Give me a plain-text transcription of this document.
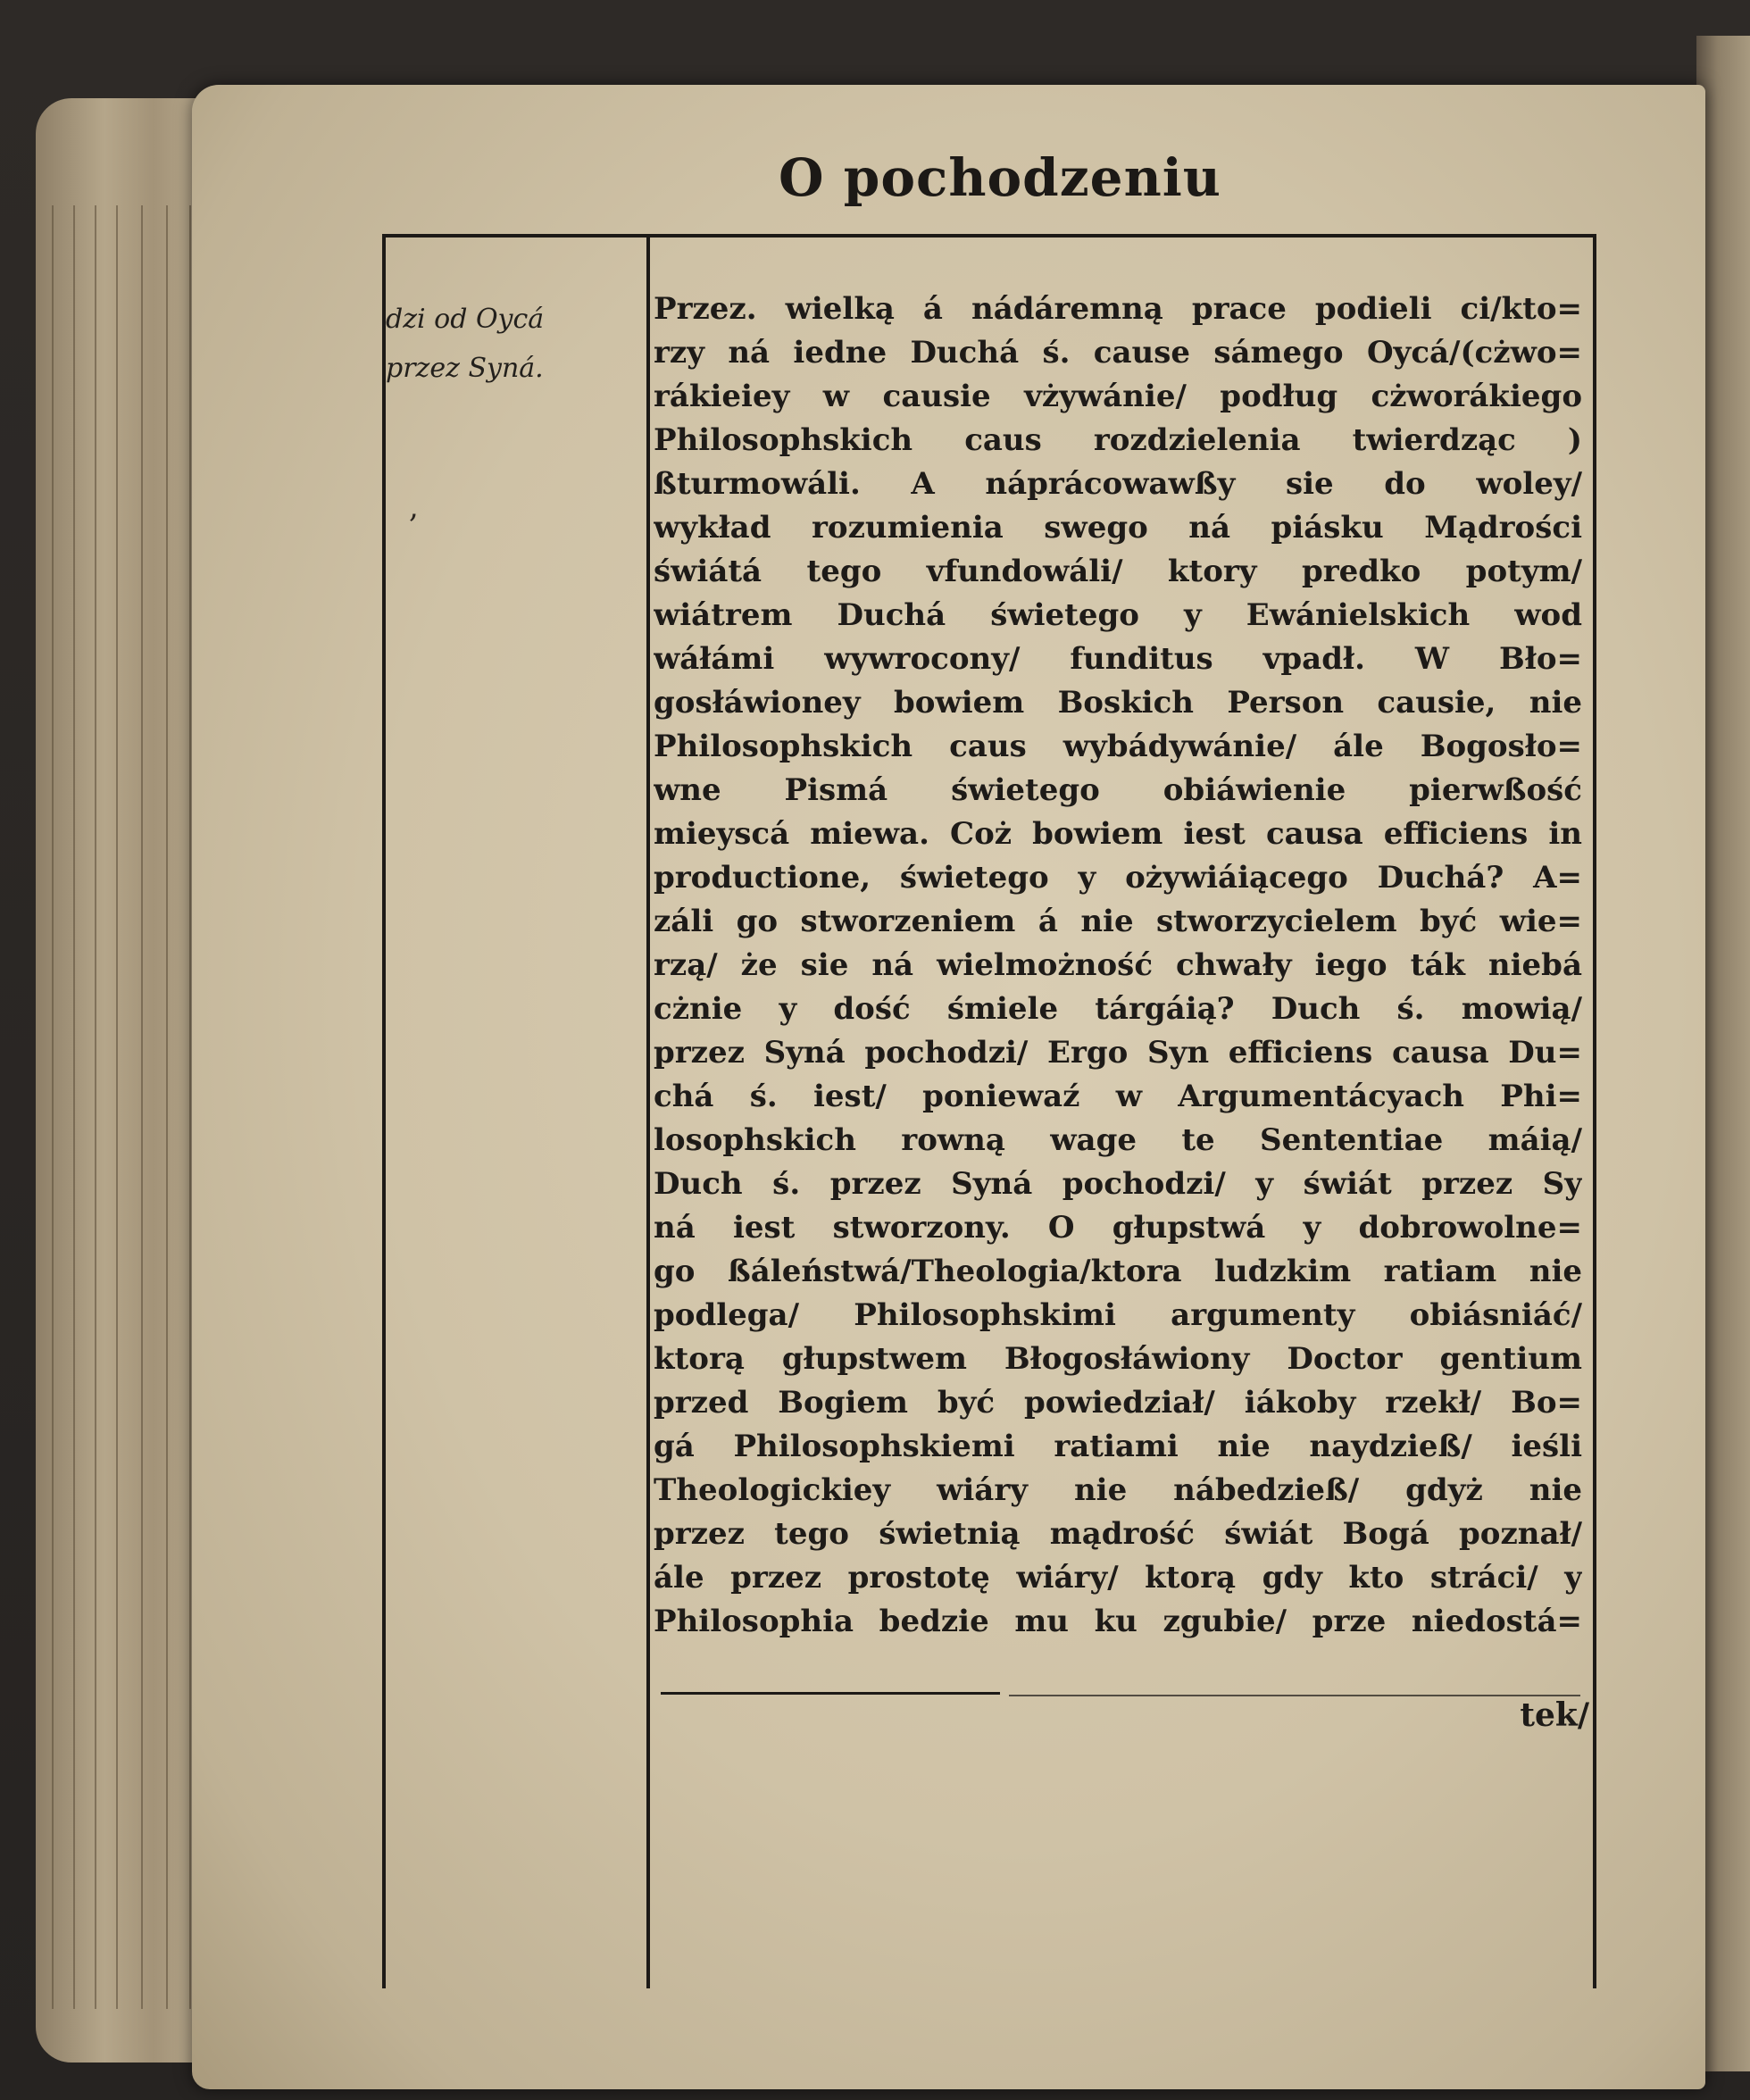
O pochodzeniu
dzi od Oycá
przez Syná.
,
Przez. wielką á nádáremną prace podieli ci/kto=
rzy ná iedne Duchá ś. cause sámego Oycá/(cżwo=
rákieiey w causie vżywánie/ podług cżworákiego
Philosophskich caus rozdzielenia twierdząc )
ßturmowáli. A náprácowawßy sie do woley/
wykład rozumienia swego ná piásku Mądrości
świátá tego vfundowáli/ ktory predko potym/
wiátrem Duchá świetego y Ewánielskich wod
wáłámi wywrocony/ funditus vpadł. W Bło=
gosłáwioney bowiem Boskich Person causie, nie
Philosophskich caus wybádywánie/ ále Bogosło=
wne Pismá świetego obiáwienie pierwßość
mieyscá miewa. Coż bowiem iest causa efficiens in
productione, świetego y ożywiáiącego Duchá? A=
záli go stworzeniem á nie stworzycielem być wie=
rzą/ że sie ná wielmożność chwały iego ták niebá
cżnie y dość śmiele tárgáią? Duch ś. mowią/
przez Syná pochodzi/ Ergo Syn efficiens causa Du=
chá ś. iest/ poniewaź w Argumentácyach Phi=
losophskich rowną wage te Sententiae máią/
Duch ś. przez Syná pochodzi/ y świát przez Sy
ná iest stworzony. O głupstwá y dobrowolne=
go ßáleństwá/Theologia/ktora ludzkim ratiam nie
podlega/ Philosophskimi argumenty obiásniáć/
ktorą głupstwem Błogosłáwiony Doctor gentium
przed Bogiem być powiedział/ iákoby rzekł/ Bo=
gá Philosophskiemi ratiami nie naydzieß/ ieśli
Theologickiey wiáry nie nábedzieß/ gdyż nie
przez tego świetnią mądrość świát Bogá poznał/
ále przez prostotę wiáry/ ktorą gdy kto stráci/ y
Philosophia bedzie mu ku zgubie/ prze niedostá=
tek/
